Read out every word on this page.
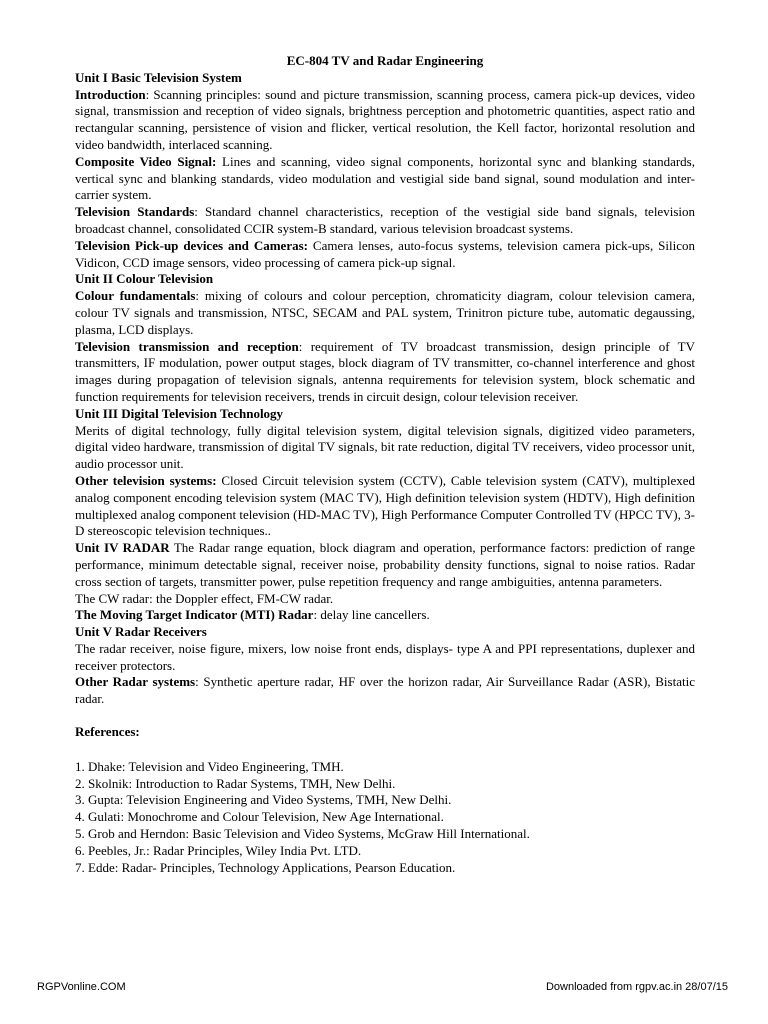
EC-804 TV and Radar Engineering
Unit I Basic Television System
Introduction: Scanning principles: sound and picture transmission, scanning process, camera pick-up devices, video signal, transmission and reception of video signals, brightness perception and photometric quantities, aspect ratio and rectangular scanning, persistence of vision and flicker, vertical resolution, the Kell factor, horizontal resolution and video bandwidth, interlaced scanning.
Composite Video Signal: Lines and scanning, video signal components, horizontal sync and blanking standards, vertical sync and blanking standards, video modulation and vestigial side band signal, sound modulation and inter-carrier system.
Television Standards: Standard channel characteristics, reception of the vestigial side band signals, television broadcast channel, consolidated CCIR system-B standard, various television broadcast systems.
Television Pick-up devices and Cameras: Camera lenses, auto-focus systems, television camera pick-ups, Silicon Vidicon, CCD image sensors, video processing of camera pick-up signal.
Unit II Colour Television
Colour fundamentals: mixing of colours and colour perception, chromaticity diagram, colour television camera, colour TV signals and transmission, NTSC, SECAM and PAL system, Trinitron picture tube, automatic degaussing, plasma, LCD displays.
Television transmission and reception: requirement of TV broadcast transmission, design principle of TV transmitters, IF modulation, power output stages, block diagram of TV transmitter, co-channel interference and ghost images during propagation of television signals, antenna requirements for television system, block schematic and function requirements for television receivers, trends in circuit design, colour television receiver.
Unit III Digital Television Technology
Merits of digital technology, fully digital television system, digital television signals, digitized video parameters, digital video hardware, transmission of digital TV signals, bit rate reduction, digital TV receivers, video processor unit, audio processor unit.
Other television systems: Closed Circuit television system (CCTV), Cable television system (CATV), multiplexed analog component encoding television system (MAC TV), High definition television system (HDTV), High definition multiplexed analog component television (HD-MAC TV), High Performance Computer Controlled TV (HPCC TV), 3-D stereoscopic television techniques..
Unit IV RADAR The Radar range equation, block diagram and operation, performance factors: prediction of range performance, minimum detectable signal, receiver noise, probability density functions, signal to noise ratios. Radar cross section of targets, transmitter power, pulse repetition frequency and range ambiguities, antenna parameters.
The CW radar: the Doppler effect, FM-CW radar.
The Moving Target Indicator (MTI) Radar: delay line cancellers.
Unit V Radar Receivers
The radar receiver, noise figure, mixers, low noise front ends, displays- type A and PPI representations, duplexer and receiver protectors.
Other Radar systems: Synthetic aperture radar, HF over the horizon radar, Air Surveillance Radar (ASR), Bistatic radar.
References:
1. Dhake: Television and Video Engineering, TMH.
2. Skolnik: Introduction to Radar Systems, TMH, New Delhi.
3. Gupta: Television Engineering and Video Systems, TMH, New Delhi.
4. Gulati: Monochrome and Colour Television, New Age International.
5. Grob and Herndon: Basic Television and Video Systems, McGraw Hill International.
6. Peebles, Jr.: Radar Principles, Wiley India Pvt. LTD.
7. Edde: Radar- Principles, Technology Applications, Pearson Education.
RGPVonline.COM	Downloaded from rgpv.ac.in 28/07/15
